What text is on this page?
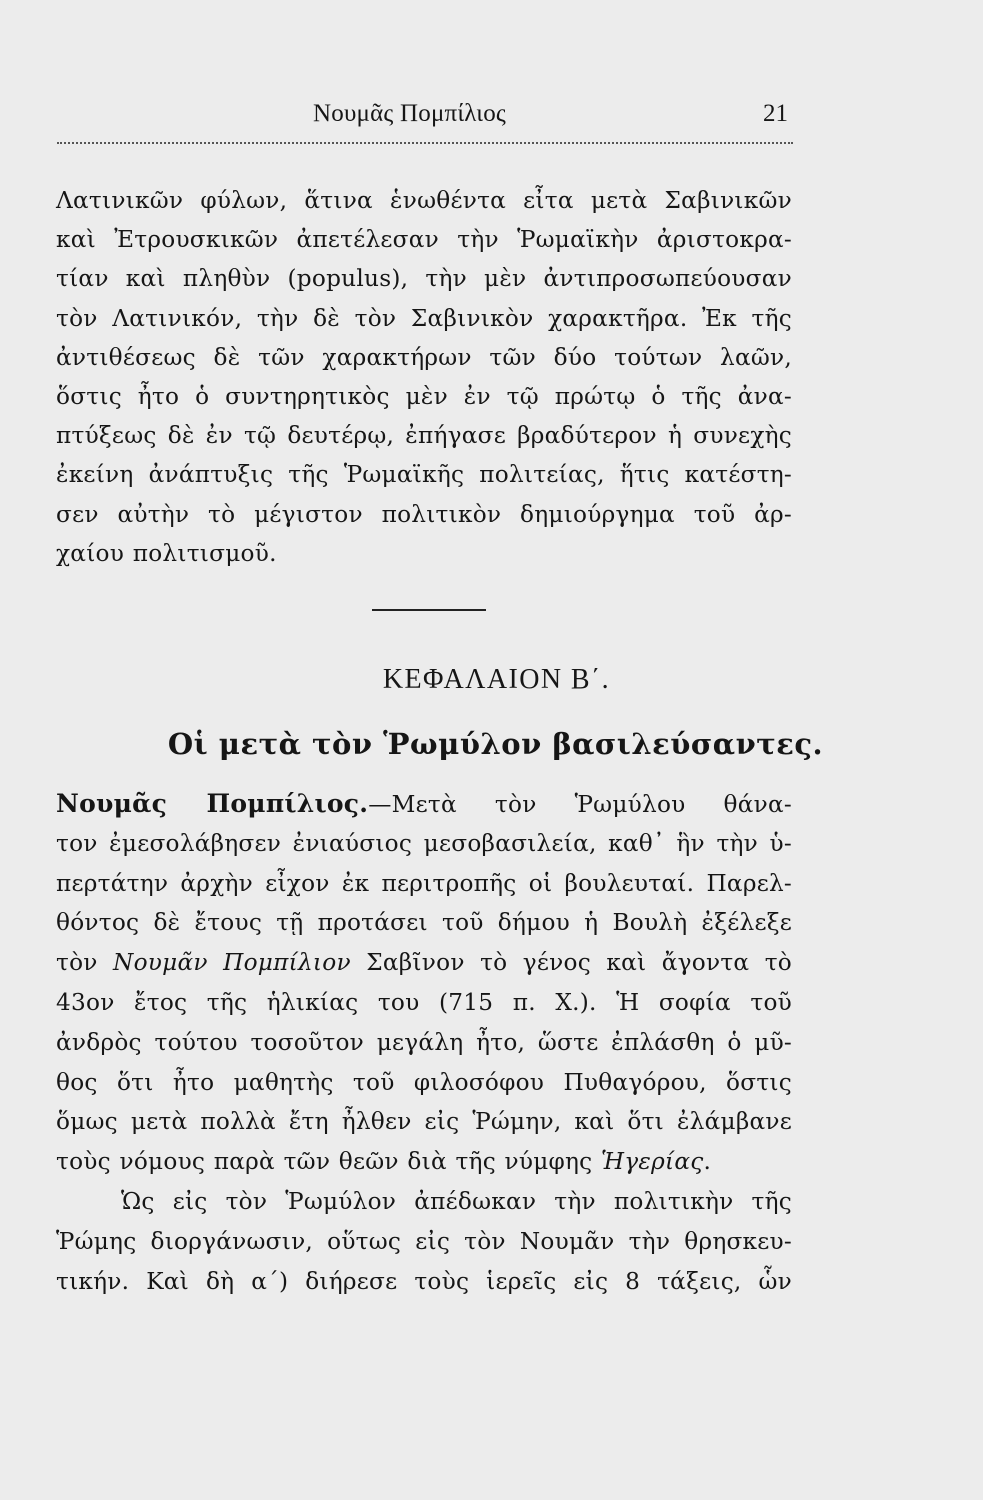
Νουμᾶς Πομπίλιος	21
Λατινικῶν φύλων, ἅτινα ἑνωθέντα εἶτα μετὰ Σαβινικῶν
καὶ Ἐτρουσκικῶν ἀπετέλεσαν τὴν Ῥωμαϊκὴν ἀριστοκρα-
τίαν καὶ πληθὺν (populus), τὴν μὲν ἀντιπροσωπεύουσαν
τὸν Λατινικόν, τὴν δὲ τὸν Σαβινικὸν χαρακτῆρα. Ἐκ τῆς
ἀντιθέσεως δὲ τῶν χαρακτήρων τῶν δύο τούτων λαῶν,
ὅστις ἦτο ὁ συντηρητικὸς μὲν ἐν τῷ πρώτῳ ὁ τῆς ἀνα-
πτύξεως δὲ ἐν τῷ δευτέρῳ, ἐπήγασε βραδύτερον ἡ συνεχὴς
ἐκείνη ἀνάπτυξις τῆς Ῥωμαϊκῆς πολιτείας, ἥτις κατέστη-
σεν αὐτὴν τὸ μέγιστον πολιτικὸν δημιούργημα τοῦ ἀρ-
χαίου πολιτισμοῦ.
ΚΕΦΑΛΑΙΟΝ Β΄.
Οἱ μετὰ τὸν Ῥωμύλον βασιλεύσαντες.
Νουμᾶς Πομπίλιος.—Μετὰ τὸν Ῥωμύλου θάνα-
τον ἐμεσολάβησεν ἐνιαύσιος μεσοβασιλεία, καθ᾿ ἣν τὴν ὑ-
περτάτην ἀρχὴν εἶχον ἐκ περιτροπῆς οἱ βουλευταί. Παρελ-
θόντος δὲ ἔτους τῇ προτάσει τοῦ δήμου ἡ Βουλὴ ἐξέλεξε
τὸν Νουμᾶν Πομπίλιον Σαβῖνον τὸ γένος καὶ ἄγοντα τὸ
43ον ἔτος τῆς ἡλικίας του (715 π. Χ.). Ἡ σοφία τοῦ
ἀνδρὸς τούτου τοσοῦτον μεγάλη ἦτο, ὥστε ἐπλάσθη ὁ μῦ-
θος ὅτι ἦτο μαθητὴς τοῦ φιλοσόφου Πυθαγόρου, ὅστις
ὅμως μετὰ πολλὰ ἔτη ἦλθεν εἰς Ῥώμην, καὶ ὅτι ἐλάμβανε
τοὺς νόμους παρὰ τῶν θεῶν διὰ τῆς νύμφης Ἡγερίας.
Ὡς εἰς τὸν Ῥωμύλον ἀπέδωκαν τὴν πολιτικὴν τῆς
Ῥώμης διοργάνωσιν, οὕτως εἰς τὸν Νουμᾶν τὴν θρησκευ-
τικήν. Καὶ δὴ α΄) διήρεσε τοὺς ἱερεῖς εἰς 8 τάξεις, ὧν
